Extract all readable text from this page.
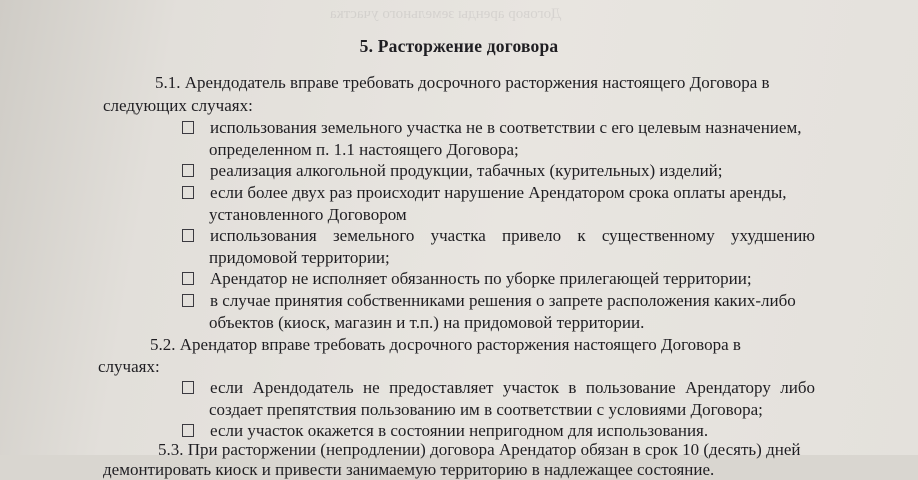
Договор аренды земельного участка
5. Расторжение договора
5.1. Арендодатель вправе требовать досрочного расторжения настоящего Договора в
следующих случаях:
использования земельного участка не в соответствии с его целевым назначением,
определенном п. 1.1 настоящего Договора;
реализация алкогольной продукции, табачных (курительных) изделий;
если более двух раз происходит нарушение Арендатором срока оплаты аренды,
установленного Договором
использования земельного участка привело к существенному ухудшению
придомовой территории;
Арендатор не исполняет обязанность по уборке прилегающей территории;
в случае принятия собственниками решения о запрете расположения каких-либо
объектов (киоск, магазин и т.п.) на придомовой территории.
5.2. Арендатор вправе требовать досрочного расторжения настоящего Договора в
случаях:
если Арендодатель не предоставляет участок в пользование Арендатору либо
создает препятствия пользованию им в соответствии с условиями Договора;
если участок окажется в состоянии непригодном для использования.
5.3. При расторжении (непродлении) договора Арендатор обязан в срок 10 (десять) дней
демонтировать киоск и привести занимаемую территорию в надлежащее состояние.
